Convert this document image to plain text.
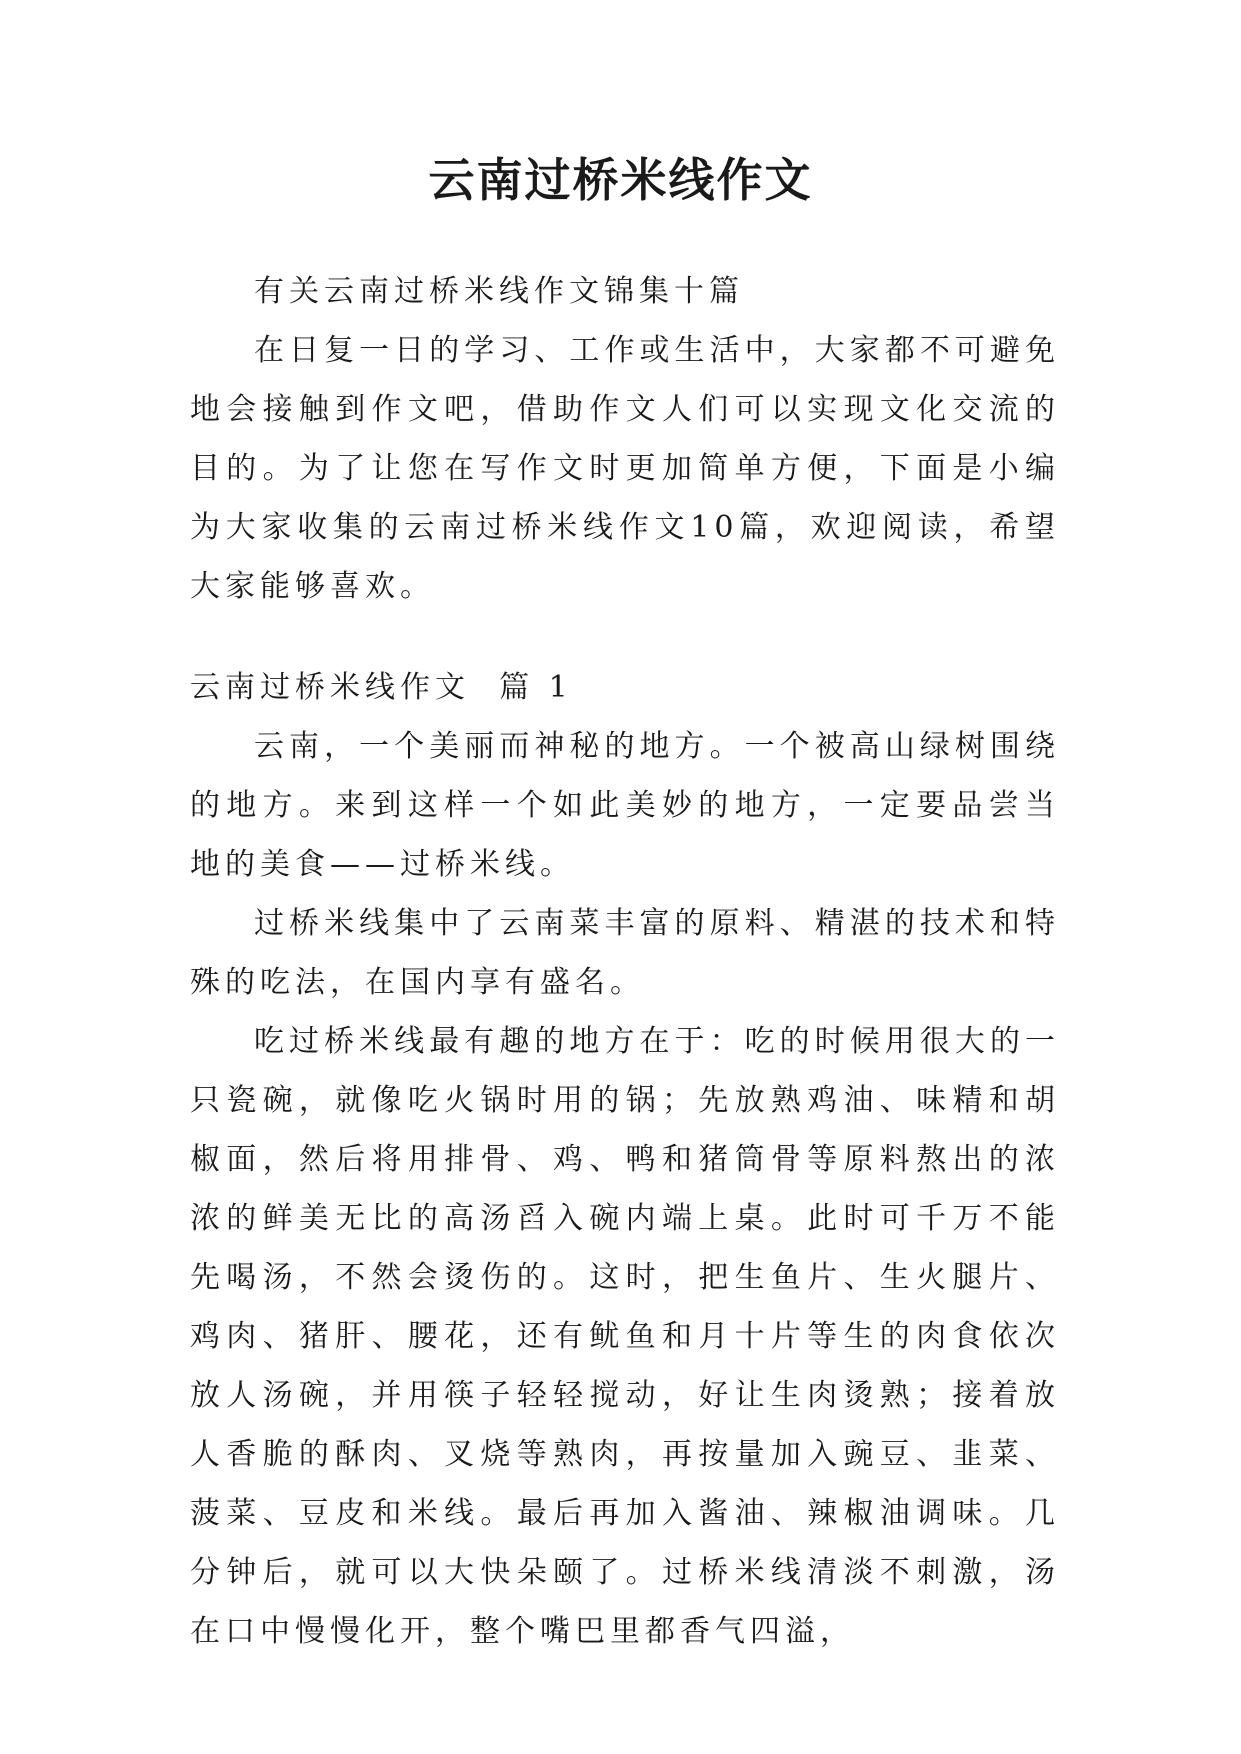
云南过桥米线作文

有关云南过桥米线作文锦集十篇

在日复一日的学习、工作或生活中，大家都不可避免地会接触到作文吧，借助作文人们可以实现文化交流的目的。为了让您在写作文时更加简单方便，下面是小编为大家收集的云南过桥米线作文10篇，欢迎阅读，希望大家能够喜欢。

云南过桥米线作文  篇 1

云南，一个美丽而神秘的地方。一个被高山绿树围绕的地方。来到这样一个如此美妙的地方，一定要品尝当地的美食——过桥米线。

过桥米线集中了云南菜丰富的原料、精湛的技术和特殊的吃法，在国内享有盛名。

吃过桥米线最有趣的地方在于：吃的时候用很大的一只瓷碗，就像吃火锅时用的锅；先放熟鸡油、味精和胡椒面，然后将用排骨、鸡、鸭和猪筒骨等原料熬出的浓浓的鲜美无比的高汤舀入碗内端上桌。此时可千万不能先喝汤，不然会烫伤的。这时，把生鱼片、生火腿片、鸡肉、猪肝、腰花，还有鱿鱼和月十片等生的肉食依次放人汤碗，并用筷子轻轻搅动，好让生肉烫熟；接着放人香脆的酥肉、叉烧等熟肉，再按量加入豌豆、韭菜、菠菜、豆皮和米线。最后再加入酱油、辣椒油调味。几分钟后，就可以大快朵颐了。过桥米线清淡不刺激，汤在口中慢慢化开，整个嘴巴里都香气四溢，
